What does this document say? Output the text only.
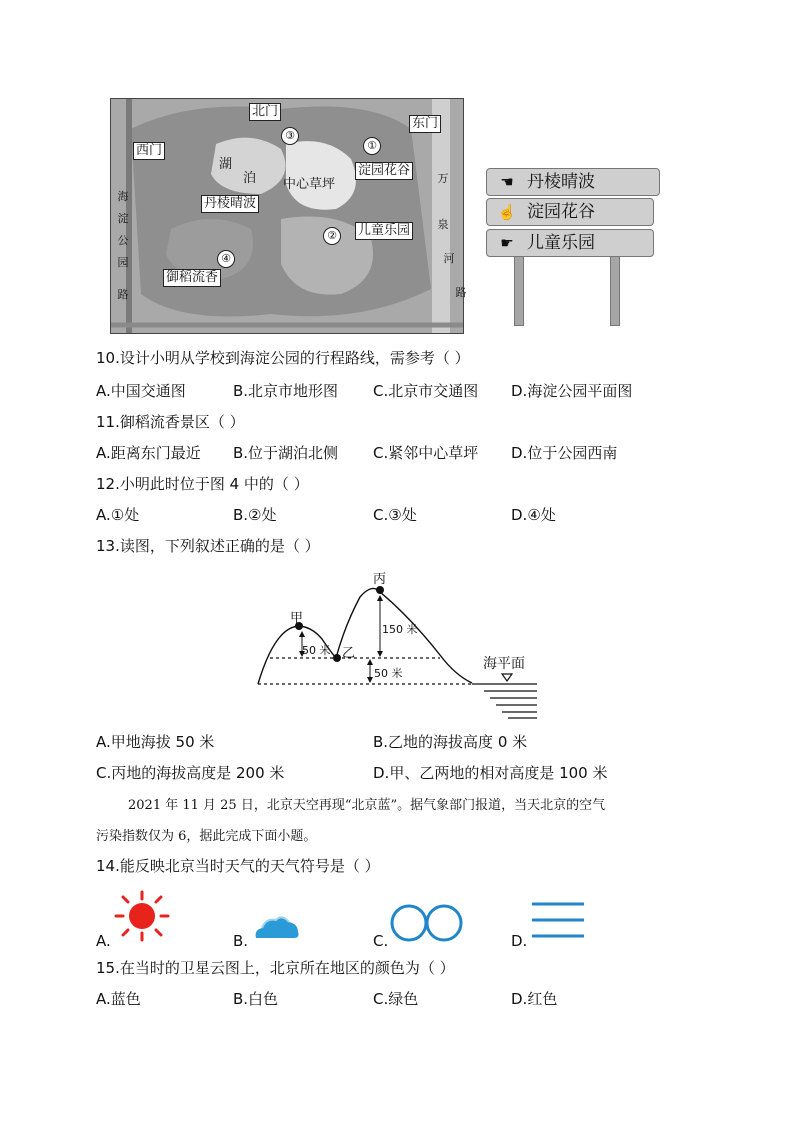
北门
东门
西门
湖
泊 中心草坪
淀园花谷
丹棱晴波
儿童乐园
御稻流香
①
②
③
④
海
淀
公
园
路
万
泉
河
路
☚ 丹棱晴波
☝ 淀园花谷
☛ 儿童乐园
10.设计小明从学校到海淀公园的行程路线，需参考（ ）
A.中国交通图	B.北京市地形图 C.北京市交通图 D.海淀公园平面图
11.御稻流香景区（ ）
A.距离东门最近 B.位于湖泊北侧 C.紧邻中心草坪 D.位于公园西南
12.小明此时位于图 4 中的（ ）
A.①处	B.②处	C.③处	D.④处
13.读图，下列叙述正确的是（ ）
甲
乙
丙
50 米
150 米
50 米
海平面
A.甲地海拔 50 米	B.乙地的海拔高度 0 米
C.丙地的海拔高度是 200 米	D.甲、乙两地的相对高度是 100 米
2021 年 11 月 25 日，北京天空再现“北京蓝”。据气象部门报道，当天北京的空气
污染指数仅为 6，据此完成下面小题。
14.能反映北京当时天气的天气符号是（ ）
A.	B.	C.	D.
15.在当时的卫星云图上，北京所在地区的颜色为（ ）
A.蓝色	B.白色	C.绿色	D.红色
